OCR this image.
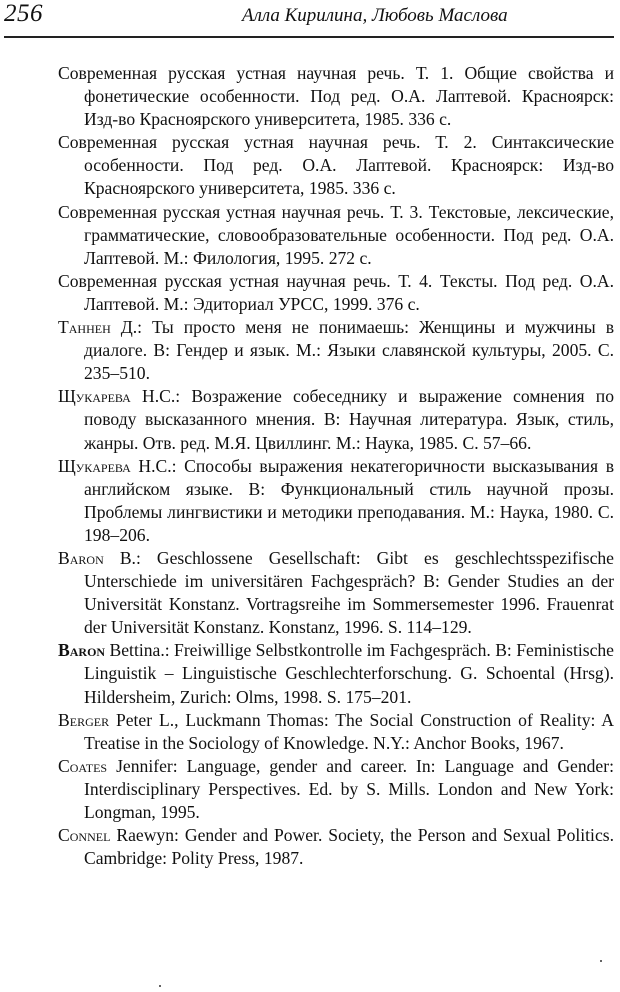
256	Алла Кирилина, Любовь Маслова
Современная русская устная научная речь. Т. 1. Общие свойства и фонетические особенности. Под ред. О.А. Лаптевой. Красноярск: Изд-во Красноярского университета, 1985. 336 с.
Современная русская устная научная речь. Т. 2. Синтаксические особенности. Под ред. О.А. Лаптевой. Красноярск: Изд-во Красноярского университета, 1985. 336 с.
Современная русская устная научная речь. Т. 3. Текстовые, лексические, грамматические, словообразовательные особенности. Под ред. О.А. Лаптевой. М.: Филология, 1995. 272 с.
Современная русская устная научная речь. Т. 4. Тексты. Под ред. О.А. Лаптевой. М.: Эдиториал УРСС, 1999. 376 с.
Таннен Д.: Ты просто меня не понимаешь: Женщины и мужчины в диалоге. В: Гендер и язык. М.: Языки славянской культуры, 2005. С. 235–510.
Щукарева Н.С.: Возражение собеседнику и выражение сомнения по поводу высказанного мнения. В: Научная литература. Язык, стиль, жанры. Отв. ред. М.Я. Цвиллинг. М.: Наука, 1985. С. 57–66.
Щукарева Н.С.: Способы выражения некатегоричности высказывания в английском языке. В: Функциональный стиль научной прозы. Проблемы лингвистики и методики преподавания. М.: Наука, 1980. С. 198–206.
Baron B.: Geschlossene Gesellschaft: Gibt es geschlechtsspezifische Unterschiede im universitären Fachgespräch? B: Gender Studies an der Universität Konstanz. Vortragsreihe im Sommersemester 1996. Frauenrat der Universität Konstanz. Konstanz, 1996. S. 114–129.
Baron Bettina.: Freiwillige Selbstkontrolle im Fachgespräch. B: Feministische Linguistik – Linguistische Geschlechterforschung. G. Schoental (Hrsg). Hildersheim, Zurich: Olms, 1998. S. 175–201.
Berger Peter L., Luckmann Thomas: The Social Construction of Reality: A Treatise in the Sociology of Knowledge. N.Y.: Anchor Books, 1967.
Coates Jennifer: Language, gender and career. In: Language and Gender: Interdisciplinary Perspectives. Ed. by S. Mills. London and New York: Longman, 1995.
Connel Raewyn: Gender and Power. Society, the Person and Sexual Politics. Cambridge: Polity Press, 1987.
